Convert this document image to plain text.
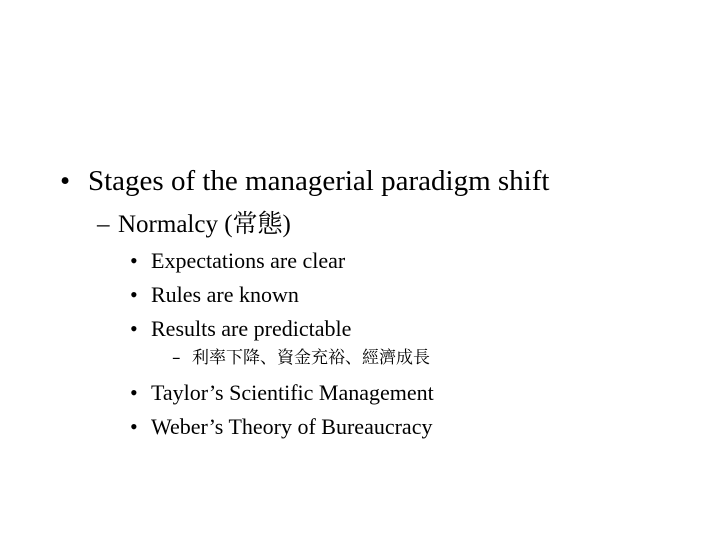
• Stages of the managerial paradigm shift
– Normalcy (常態)
• Expectations are clear
• Rules are known
• Results are predictable
– 利率下降、資金充裕、經濟成長
• Taylor’s Scientific Management
• Weber’s Theory of Bureaucracy
